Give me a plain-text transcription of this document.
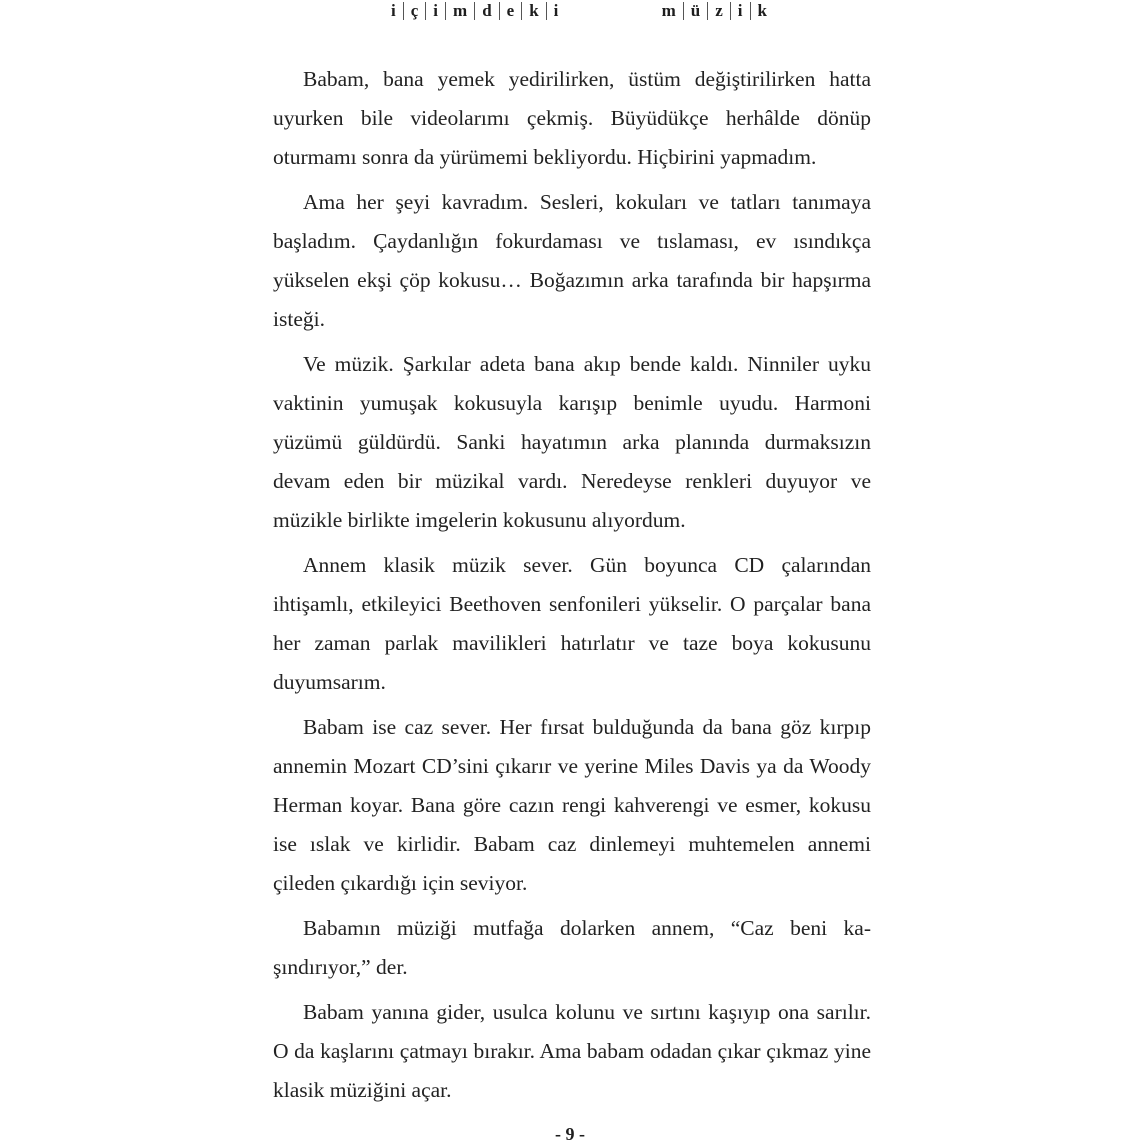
i ç i m d e k i	m ü z i k

Babam, bana yemek yedirilirken, üstüm değiştirilirken hatta uyurken bile videolarımı çekmiş. Büyüdükçe herhâlde dönüp oturmamı sonra da yürümemi bekliyordu. Hiçbirini yapmadım.

Ama her şeyi kavradım. Sesleri, kokuları ve tatları tanımaya başladım. Çaydanlığın fokurdaması ve tıslaması, ev ısındıkça yükselen ekşi çöp kokusu… Boğazımın arka tarafında bir hapşırma isteği.

Ve müzik. Şarkılar adeta bana akıp bende kaldı. Ninniler uyku vaktinin yumuşak kokusuyla karışıp benimle uyudu. Harmoni yüzümü güldürdü. Sanki hayatımın arka planında durmaksızın devam eden bir müzikal vardı. Neredeyse renkleri duyuyor ve müzikle birlikte imgelerin kokusunu alıyordum.

Annem klasik müzik sever. Gün boyunca CD çalarından ihtişamlı, etkileyici Beethoven senfonileri yükselir. O parçalar bana her zaman parlak mavilikleri hatırlatır ve taze boya kokusunu duyumsarım.

Babam ise caz sever. Her fırsat bulduğunda da bana göz kırpıp annemin Mozart CD’sini çıkarır ve yerine Miles Davis ya da Woody Herman koyar. Bana göre cazın rengi kahverengi ve esmer, kokusu ise ıslak ve kirlidir. Babam caz dinlemeyi muhtemelen annemi çileden çıkardığı için seviyor.

Babamın müziği mutfağa dolarken annem, “Caz beni kaşındırıyor,” der.

Babam yanına gider, usulca kolunu ve sırtını kaşıyıp ona sarılır. O da kaşlarını çatmayı bırakır. Ama babam odadan çıkar çıkmaz yine klasik müziğini açar.

- 9 -
